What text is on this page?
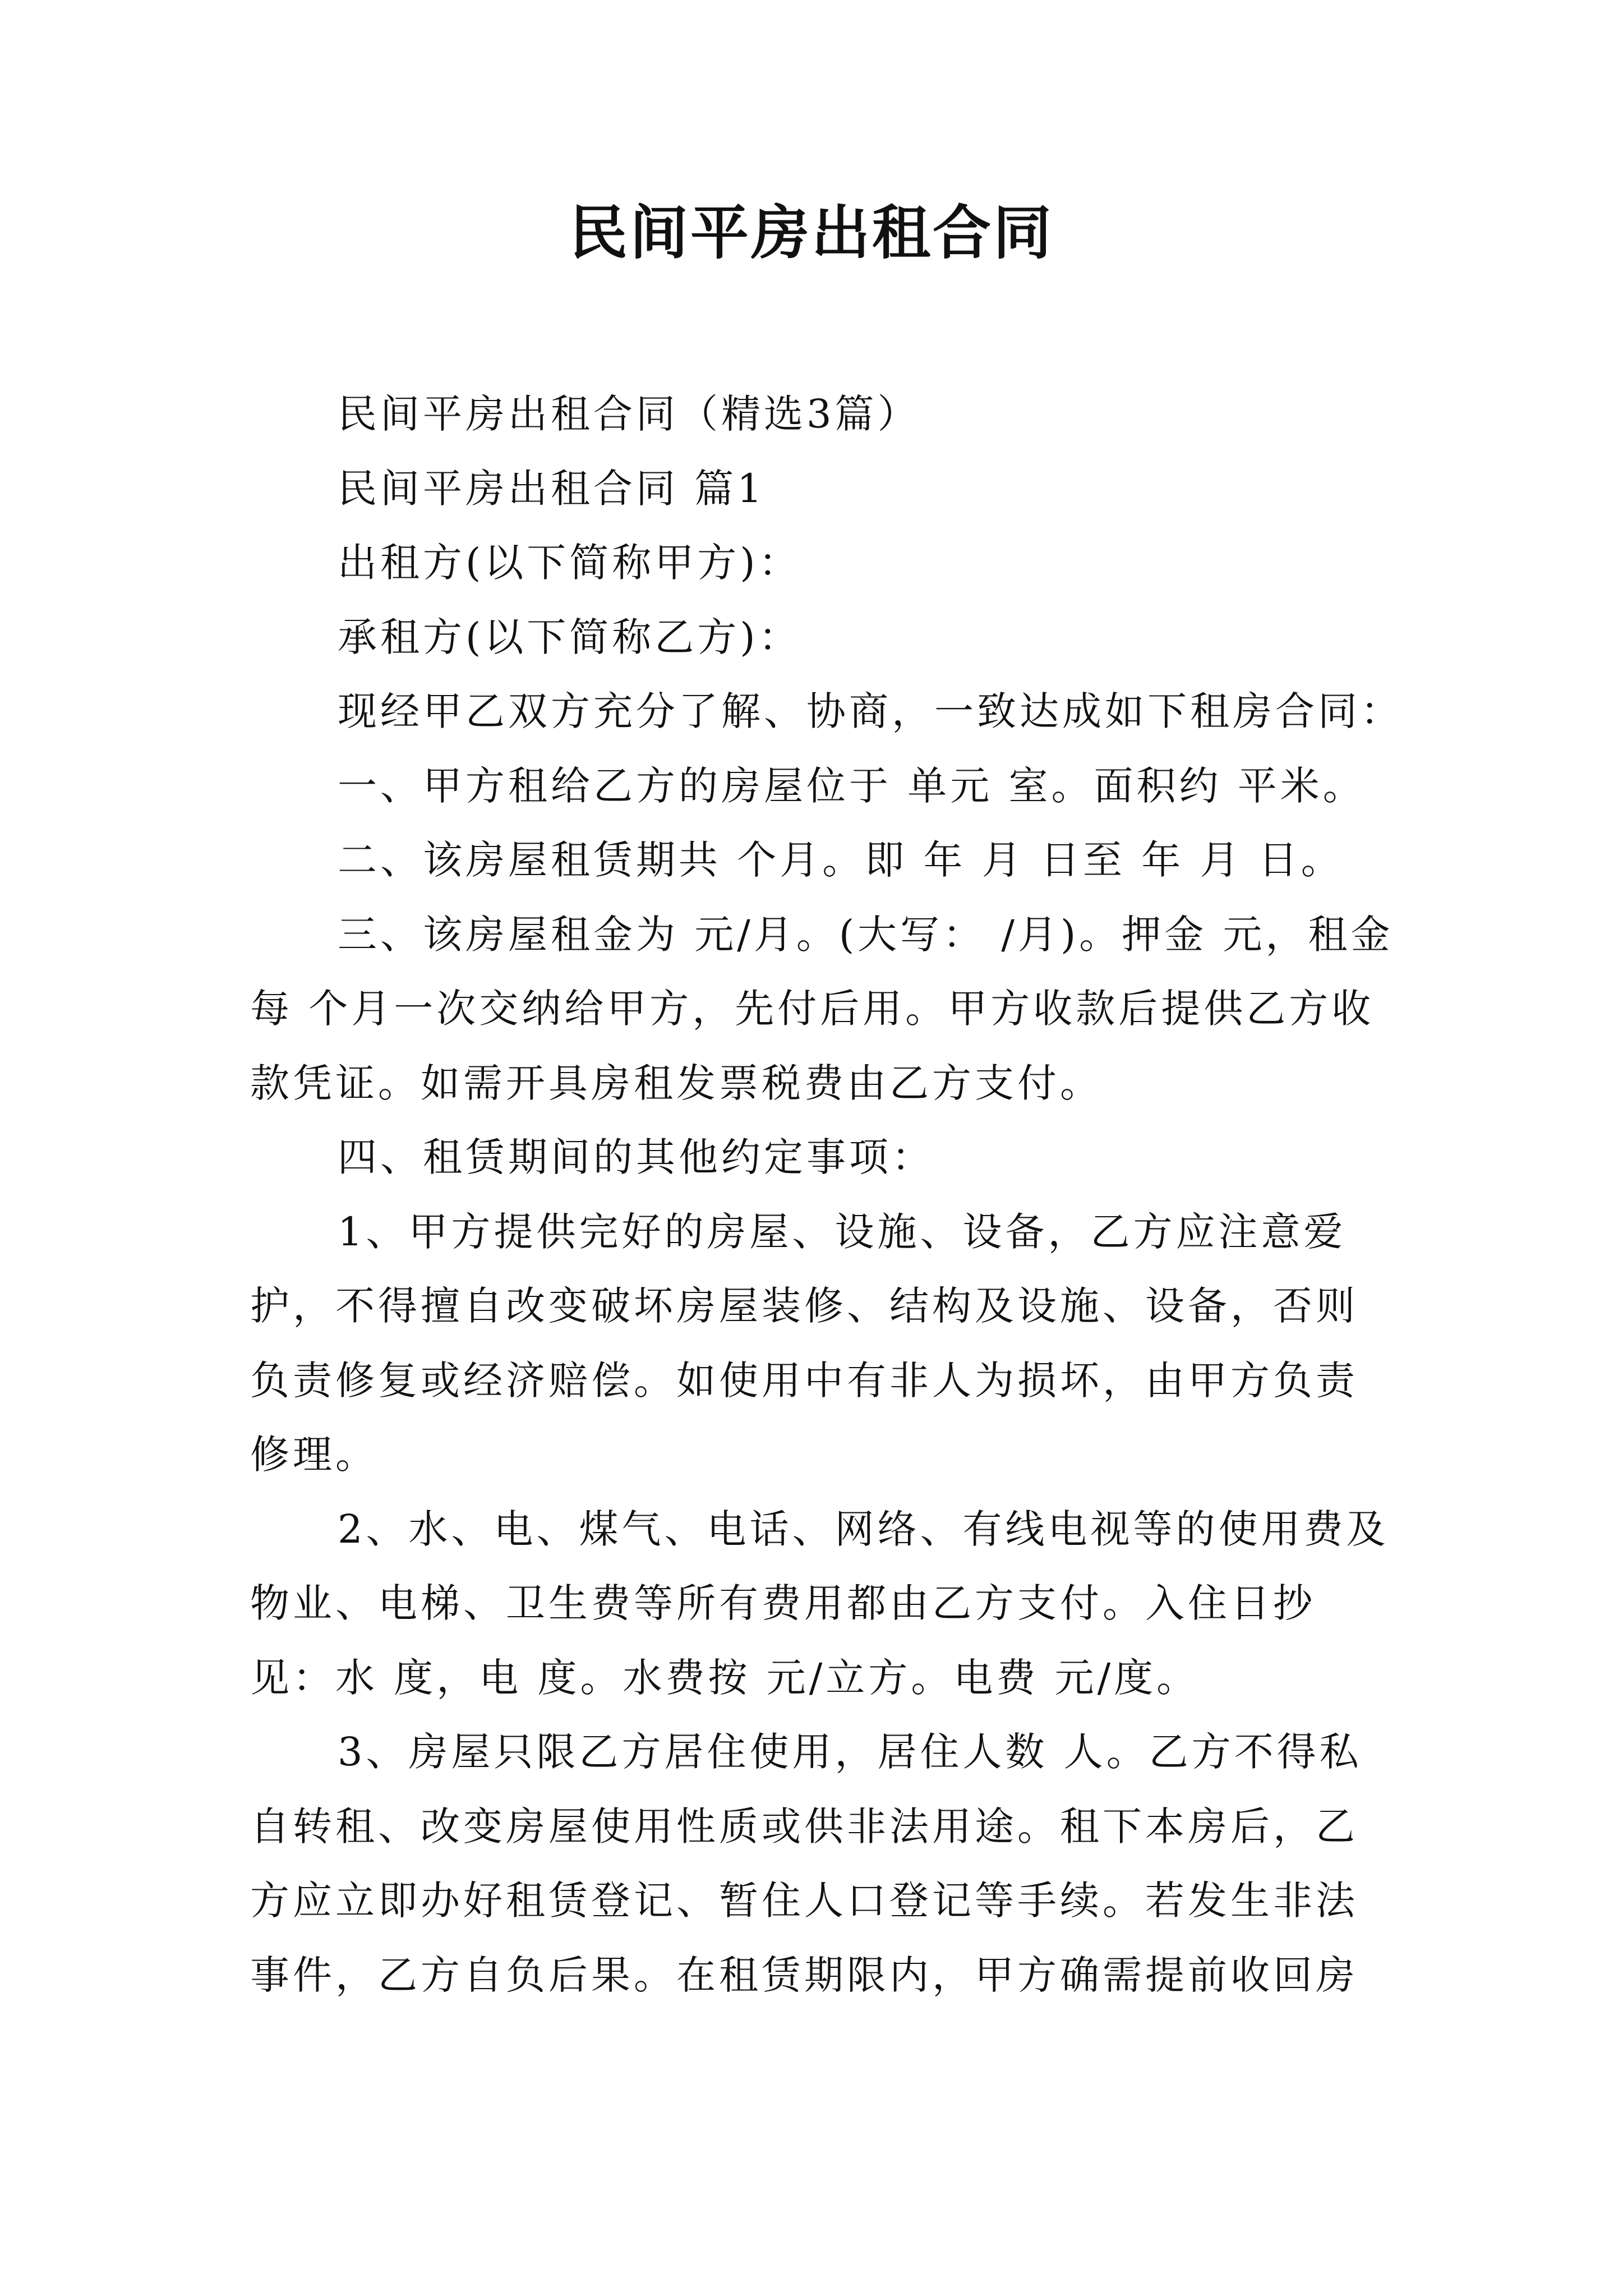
民间平房出租合同

民间平房出租合同（精选3篇）

民间平房出租合同 篇1

出租方(以下简称甲方)：

承租方(以下简称乙方)：

现经甲乙双方充分了解、协商，一致达成如下租房合同：

一、甲方租给乙方的房屋位于 单元 室。面积约 平米。

二、该房屋租赁期共 个月。即 年 月 日至 年 月 日。

三、该房屋租金为 元/月。(大写： /月)。押金 元，租金每 个月一次交纳给甲方，先付后用。甲方收款后提供乙方收款凭证。如需开具房租发票税费由乙方支付。

四、租赁期间的其他约定事项：

1、甲方提供完好的房屋、设施、设备，乙方应注意爱护，不得擅自改变破坏房屋装修、结构及设施、设备，否则负责修复或经济赔偿。如使用中有非人为损坏，由甲方负责修理。

2、水、电、煤气、电话、网络、有线电视等的使用费及物业、电梯、卫生费等所有费用都由乙方支付。入住日抄见：水 度，电 度。水费按 元/立方。电费 元/度。

3、房屋只限乙方居住使用，居住人数 人。乙方不得私自转租、改变房屋使用性质或供非法用途。租下本房后，乙方应立即办好租赁登记、暂住人口登记等手续。若发生非法事件，乙方自负后果。在租赁期限内，甲方确需提前收回房
